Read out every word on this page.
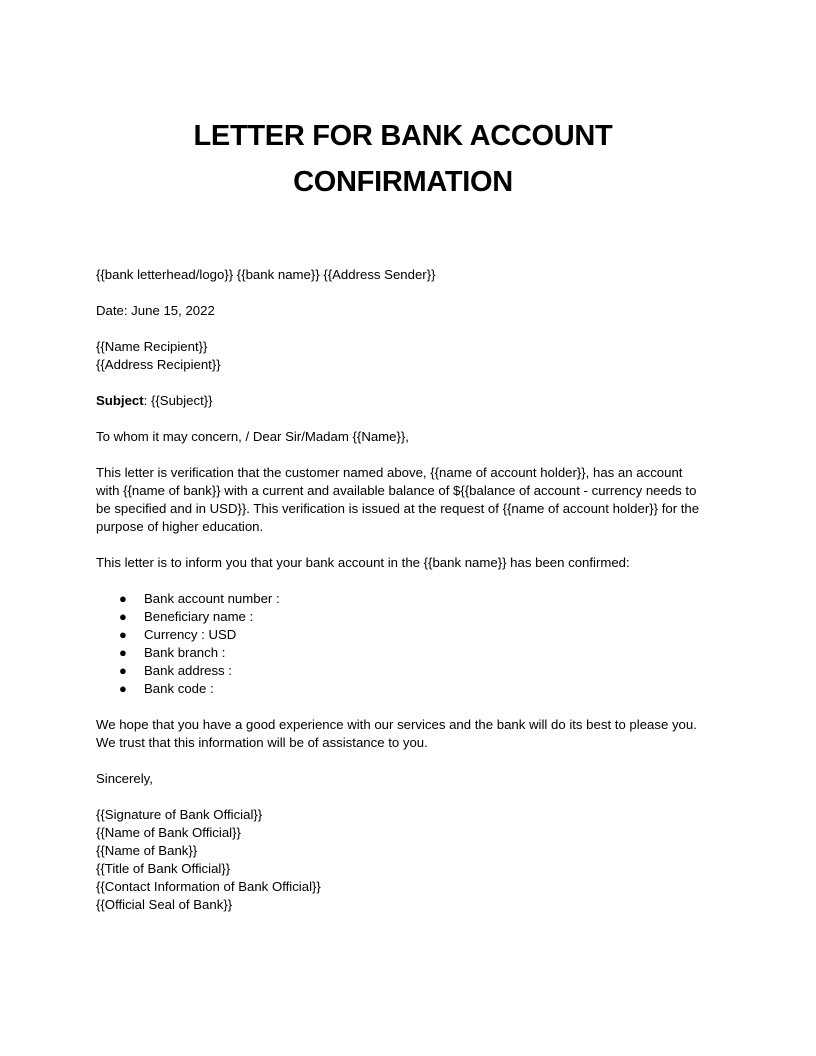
LETTER FOR BANK ACCOUNT
CONFIRMATION
{{bank letterhead/logo}} {{bank name}} {{Address Sender}}
Date: June 15, 2022
{{Name Recipient}}
{{Address Recipient}}
Subject: {{Subject}}
To whom it may concern, / Dear Sir/Madam {{Name}},
This letter is verification that the customer named above, {{name of account holder}}, has an account
with {{name of bank}} with a current and available balance of ${{balance of account - currency needs to
be specified and in USD}}. This verification is issued at the request of {{name of account holder}} for the
purpose of higher education.
This letter is to inform you that your bank account in the {{bank name}} has been confirmed:
● Bank account number :
● Beneficiary name :
● Currency : USD
● Bank branch :
● Bank address :
● Bank code :
We hope that you have a good experience with our services and the bank will do its best to please you.
We trust that this information will be of assistance to you.
Sincerely,
{{Signature of Bank Official}}
{{Name of Bank Official}}
{{Name of Bank}}
{{Title of Bank Official}}
{{Contact Information of Bank Official}}
{{Official Seal of Bank}}
